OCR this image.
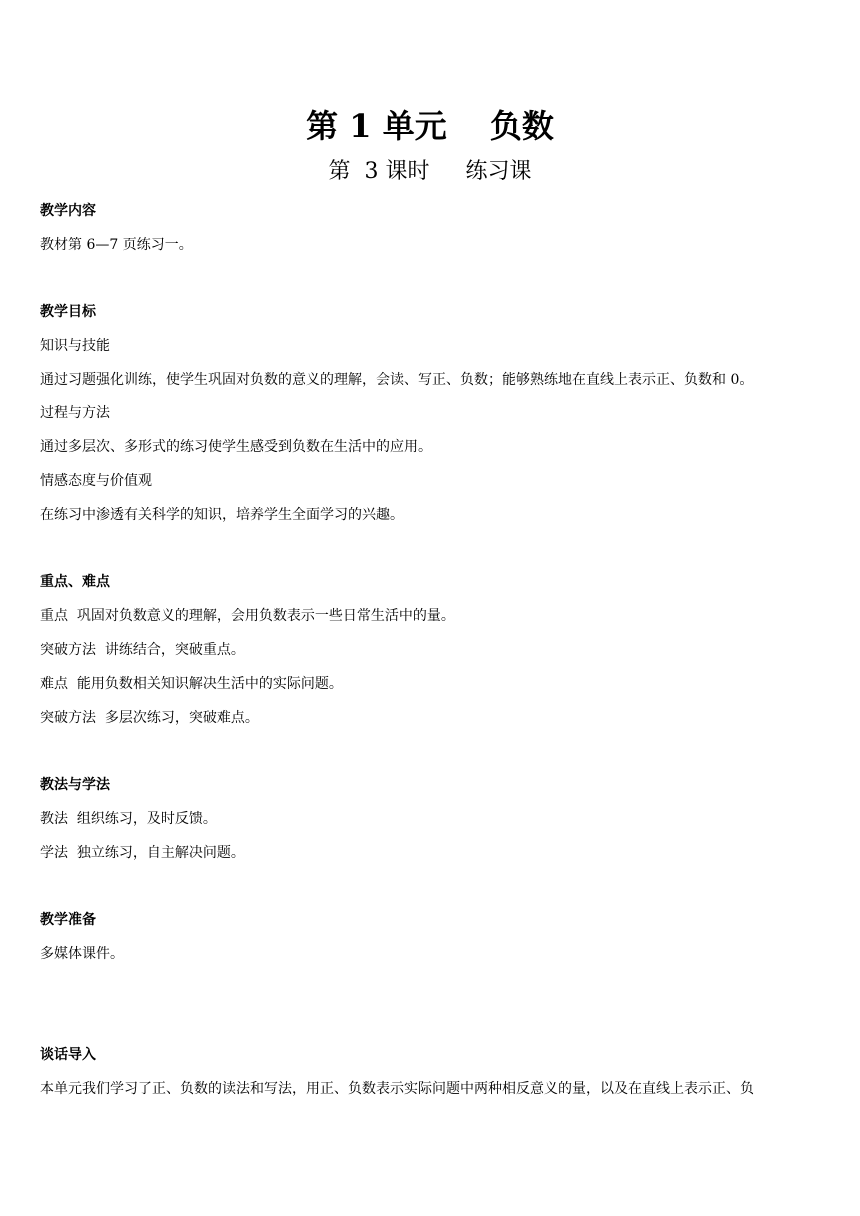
第 1 单元　 负数
第  3 课时　  练习课
教学内容
教材第 6—7 页练习一。
教学目标
知识与技能
通过习题强化训练，使学生巩固对负数的意义的理解，会读、写正、负数；能够熟练地在直线上表示正、负数和 0。
过程与方法
通过多层次、多形式的练习使学生感受到负数在生活中的应用。
情感态度与价值观
在练习中渗透有关科学的知识，培养学生全面学习的兴趣。
重点、难点
重点  巩固对负数意义的理解，会用负数表示一些日常生活中的量。
突破方法  讲练结合，突破重点。
难点  能用负数相关知识解决生活中的实际问题。
突破方法  多层次练习，突破难点。
教法与学法
教法  组织练习，及时反馈。
学法  独立练习，自主解决问题。
教学准备
多媒体课件。
谈话导入
本单元我们学习了正、负数的读法和写法，用正、负数表示实际问题中两种相反意义的量，以及在直线上表示正、负
